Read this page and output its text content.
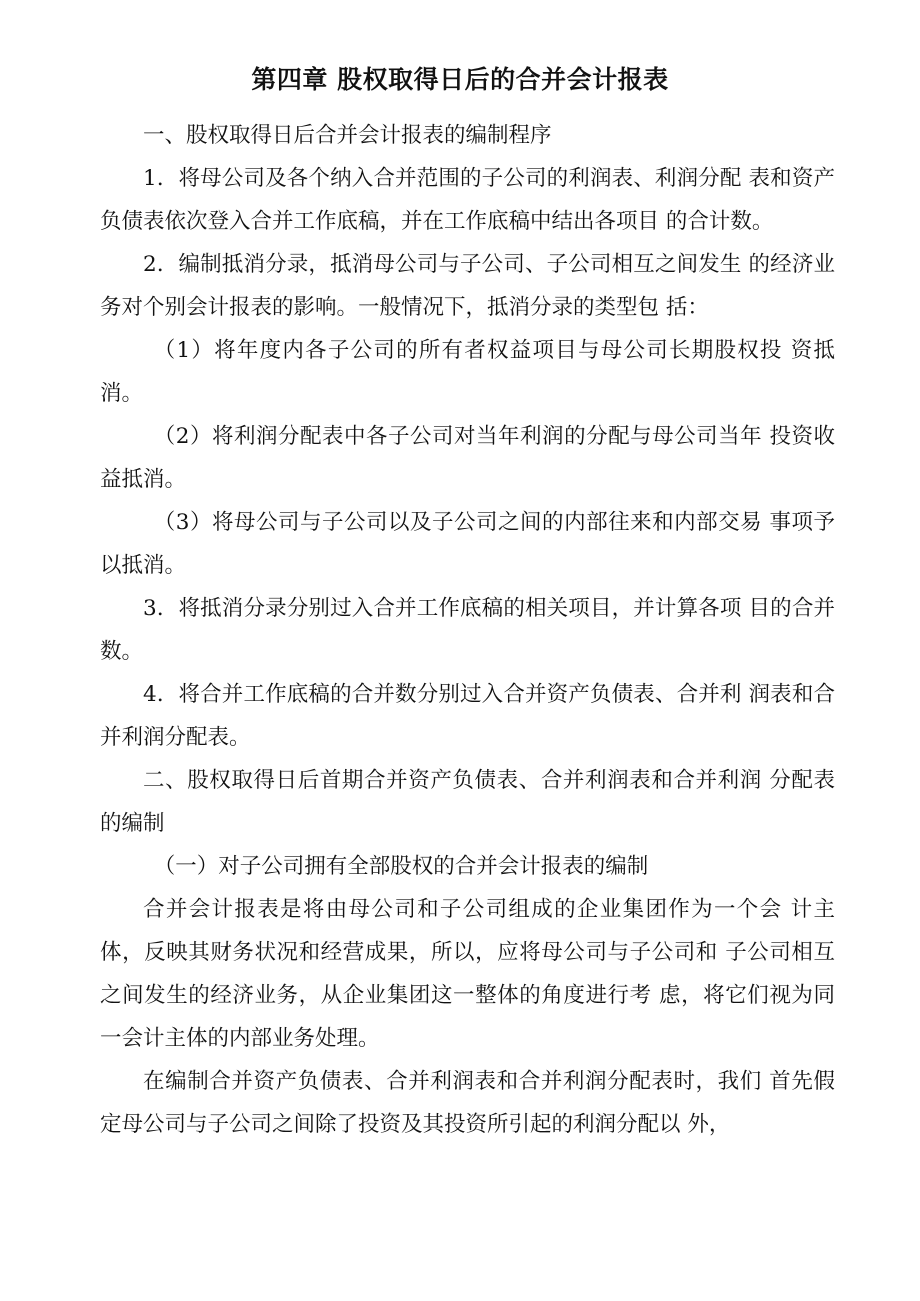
第四章 股权取得日后的合并会计报表

一、股权取得日后合并会计报表的编制程序

1．将母公司及各个纳入合并范围的子公司的利润表、利润分配 表和资产负债表依次登入合并工作底稿，并在工作底稿中结出各项目 的合计数。

2．编制抵消分录，抵消母公司与子公司、子公司相互之间发生 的经济业务对个别会计报表的影响。一般情况下，抵消分录的类型包 括：

（1）将年度内各子公司的所有者权益项目与母公司长期股权投 资抵消。

（2）将利润分配表中各子公司对当年利润的分配与母公司当年 投资收益抵消。

（3）将母公司与子公司以及子公司之间的内部往来和内部交易 事项予以抵消。

3．将抵消分录分别过入合并工作底稿的相关项目，并计算各项 目的合并数。

4．将合并工作底稿的合并数分别过入合并资产负债表、合并利 润表和合并利润分配表。

二、股权取得日后首期合并资产负债表、合并利润表和合并利润 分配表的编制

（一）对子公司拥有全部股权的合并会计报表的编制

合并会计报表是将由母公司和子公司组成的企业集团作为一个会 计主体，反映其财务状况和经营成果，所以，应将母公司与子公司和 子公司相互之间发生的经济业务，从企业集团这一整体的角度进行考 虑，将它们视为同一会计主体的内部业务处理。

在编制合并资产负债表、合并利润表和合并利润分配表时，我们 首先假定母公司与子公司之间除了投资及其投资所引起的利润分配以 外，
